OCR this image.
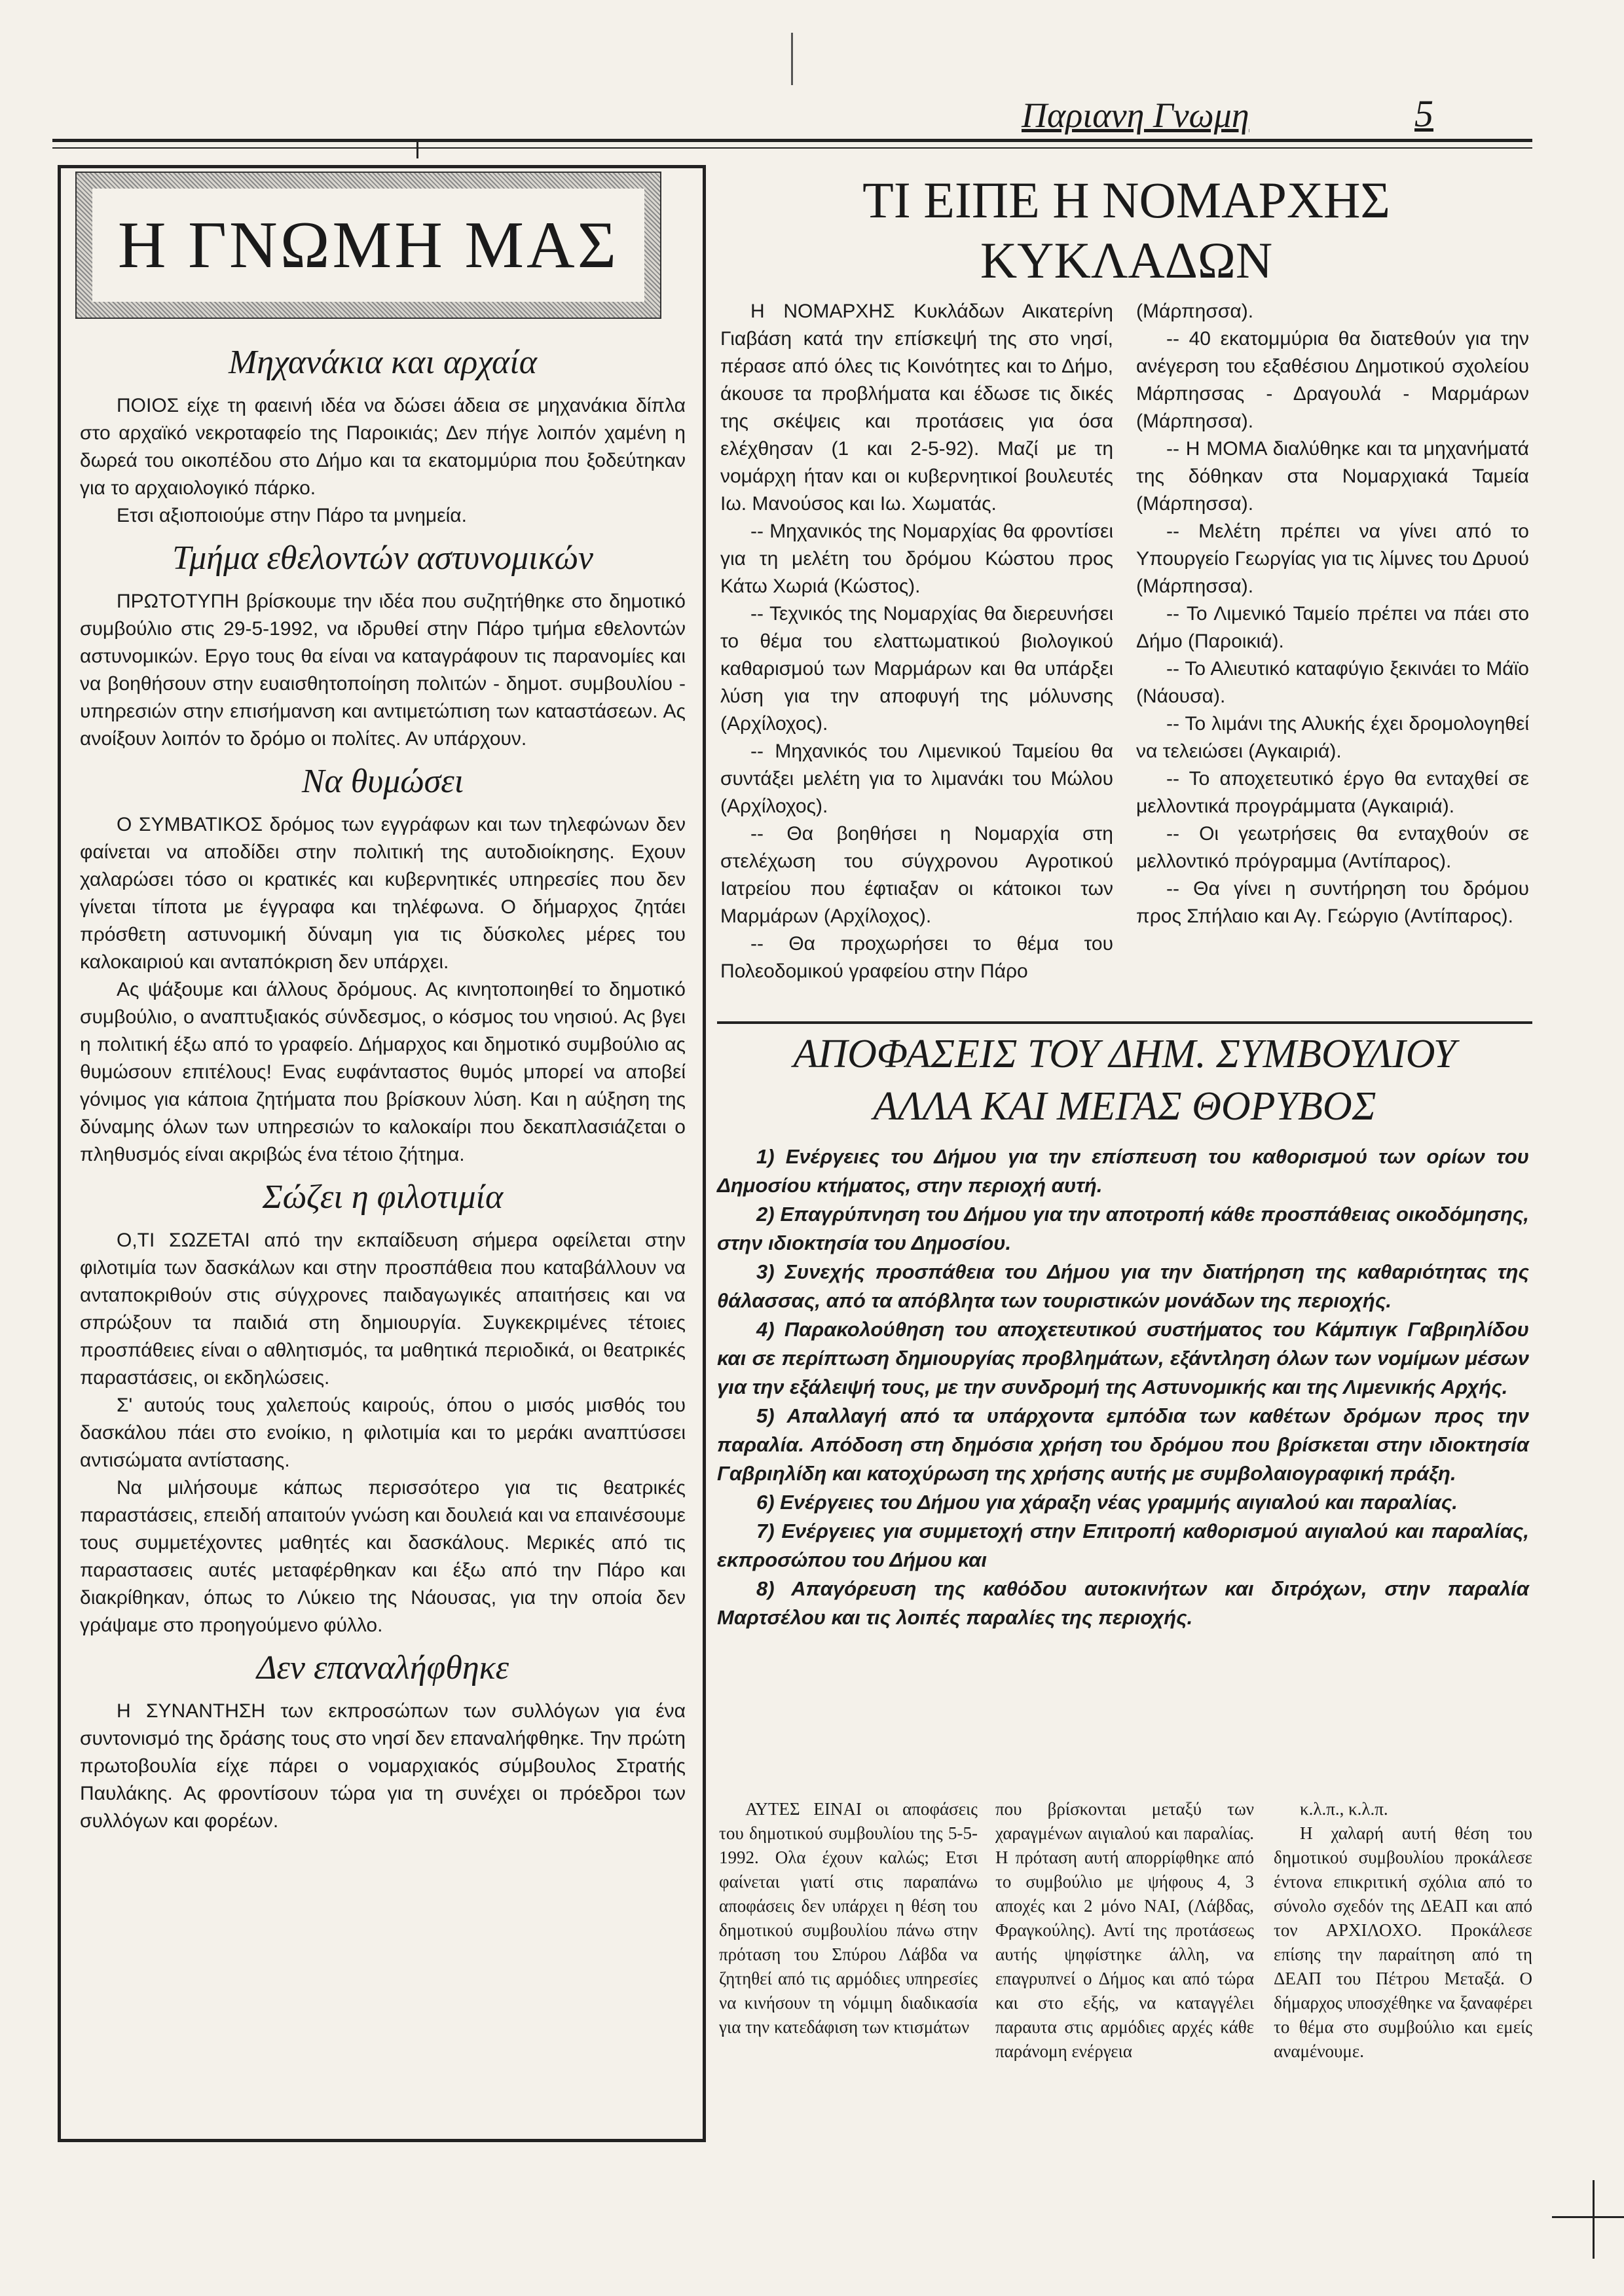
Παριανη Γνωμη	5
Η ΓΝΩΜΗ ΜΑΣ
Μηχανάκια και αρχαία

ΠΟΙΟΣ είχε τη φαεινή ιδέα να δώσει άδεια σε μηχανάκια δίπλα στο αρχαϊκό νεκροταφείο της Παροικιάς; Δεν πήγε λοιπόν χαμένη η δωρεά του οικοπέδου στο Δήμο και τα εκατομμύρια που ξοδεύτηκαν για το αρχαιολογικό πάρκο.

Ετσι αξιοποιούμε στην Πάρο τα μνημεία.

Τμήμα εθελοντών αστυνομικών

ΠΡΩΤΟΤΥΠΗ βρίσκουμε την ιδέα που συζητήθηκε στο δημοτικό συμβούλιο στις 29-5-1992, να ιδρυθεί στην Πάρο τμήμα εθελοντών αστυνομικών. Εργο τους θα είναι να καταγράφουν τις παρανομίες και να βοηθήσουν στην ευαισθητοποίηση πολιτών - δημοτ. συμβουλίου - υπηρεσιών στην επισήμανση και αντιμετώπιση των καταστάσεων. Ας ανοίξουν λοιπόν το δρόμο οι πολίτες. Αν υπάρχουν.

Να θυμώσει

Ο ΣΥΜΒΑΤΙΚΟΣ δρόμος των εγγράφων και των τηλεφώνων δεν φαίνεται να αποδίδει στην πολιτική της αυτοδιοίκησης. Εχουν χαλαρώσει τόσο οι κρατικές και κυβερνητικές υπηρεσίες που δεν γίνεται τίποτα με έγγραφα και τηλέφωνα. Ο δήμαρχος ζητάει πρόσθετη αστυνομική δύναμη για τις δύσκολες μέρες του καλοκαιριού και ανταπόκριση δεν υπάρχει.

Ας ψάξουμε και άλλους δρόμους. Ας κινητοποιηθεί το δημοτικό συμβούλιο, ο αναπτυξιακός σύνδεσμος, ο κόσμος του νησιού. Ας βγει η πολιτική έξω από το γραφείο. Δήμαρχος και δημοτικό συμβούλιο ας θυμώσουν επιτέλους! Ενας ευφάνταστος θυμός μπορεί να αποβεί γόνιμος για κάποια ζητήματα που βρίσκουν λύση. Και η αύξηση της δύναμης όλων των υπηρεσιών το καλοκαίρι που δεκαπλασιάζεται ο πληθυσμός είναι ακριβώς ένα τέτοιο ζήτημα.

Σώζει η φιλοτιμία

Ο,ΤΙ ΣΩΖΕΤΑΙ από την εκπαίδευση σήμερα οφείλεται στην φιλοτιμία των δασκάλων και στην προσπάθεια που καταβάλλουν να ανταποκριθούν στις σύγχρονες παιδαγωγικές απαιτήσεις και να σπρώξουν τα παιδιά στη δημιουργία. Συγκεκριμένες τέτοιες προσπάθειες είναι ο αθλητισμός, τα μαθητικά περιοδικά, οι θεατρικές παραστάσεις, οι εκδηλώσεις.

Σ' αυτούς τους χαλεπούς καιρούς, όπου ο μισός μισθός του δασκάλου πάει στο ενοίκιο, η φιλοτιμία και το μεράκι αναπτύσσει αντισώματα αντίστασης.

Να μιλήσουμε κάπως περισσότερο για τις θεατρικές παραστάσεις, επειδή απαιτούν γνώση και δουλειά και να επαινέσουμε τους συμμετέχοντες μαθητές και δασκάλους. Μερικές από τις παραστασεις αυτές μεταφέρθηκαν και έξω από την Πάρο και διακρίθηκαν, όπως το Λύκειο της Νάουσας, για την οποία δεν γράψαμε στο προηγούμενο φύλλο.

Δεν επαναλήφθηκε

Η ΣΥΝΑΝΤΗΣΗ των εκπροσώπων των συλλόγων για ένα συντονισμό της δράσης τους στο νησί δεν επαναλήφθηκε. Την πρώτη πρωτοβουλία είχε πάρει ο νομαρχιακός σύμβουλος Στρατής Παυλάκης. Ας φροντίσουν τώρα για τη συνέχει οι πρόεδροι των συλλόγων και φορέων.

ΤΙ ΕΙΠΕ Η ΝΟΜΑΡΧΗΣ ΚΥΚΛΑΔΩΝ

Η ΝΟΜΑΡΧΗΣ Κυκλάδων Αικατερίνη Γιαβάση κατά την επίσκεψή της στο νησί, πέρασε από όλες τις Κοινότητες και το Δήμο, άκουσε τα προβλήματα και έδωσε τις δικές της σκέψεις και προτάσεις για όσα ελέχθησαν (1 και 2-5-92). Μαζί με τη νομάρχη ήταν και οι κυβερνητικοί βουλευτές Ιω. Μανούσος και Ιω. Χωματάς.

-- Μηχανικός της Νομαρχίας θα φροντίσει για τη μελέτη του δρόμου Κώστου προς Κάτω Χωριά (Κώστος).

-- Τεχνικός της Νομαρχίας θα διερευνήσει το θέμα του ελαττωματικού βιολογικού καθαρισμού των Μαρμάρων και θα υπάρξει λύση για την αποφυγή της μόλυνσης (Αρχίλοχος).

-- Μηχανικός του Λιμενικού Ταμείου θα συντάξει μελέτη για το λιμανάκι του Μώλου (Αρχίλοχος).

-- Θα βοηθήσει η Νομαρχία στη στελέχωση του σύγχρονου Αγροτικού Ιατρείου που έφτιαξαν οι κάτοικοι των Μαρμάρων (Αρχίλοχος).

-- Θα προχωρήσει το θέμα του Πολεοδομικού γραφείου στην Πάρο

(Μάρπησσα).

-- 40 εκατομμύρια θα διατεθούν για την ανέγερση του εξαθέσιου Δημοτικού σχολείου Μάρπησσας - Δραγουλά - Μαρμάρων (Μάρπησσα).

-- Η ΜΟΜΑ διαλύθηκε και τα μηχανήματά της δόθηκαν στα Νομαρχιακά Ταμεία (Μάρπησσα).

-- Μελέτη πρέπει να γίνει από το Υπουργείο Γεωργίας για τις λίμνες του Δρυού (Μάρπησσα).

-- Το Λιμενικό Ταμείο πρέπει να πάει στο Δήμο (Παροικιά).

-- Το Αλιευτικό καταφύγιο ξεκινάει το Μάϊο (Νάουσα).

-- Το λιμάνι της Αλυκής έχει δρομολογηθεί να τελειώσει (Αγκαιριά).

-- Το αποχετευτικό έργο θα ενταχθεί σε μελλοντικά προγράμματα (Αγκαιριά).

-- Οι γεωτρήσεις θα ενταχθούν σε μελλοντικό πρόγραμμα (Αντίπαρος).

-- Θα γίνει η συντήρηση του δρόμου προς Σπήλαιο και Αγ. Γεώργιο (Αντίπαρος).

ΑΠΟΦΑΣΕΙΣ ΤΟΥ ΔΗΜ. ΣΥΜΒΟΥΛΙΟΥ
ΑΛΛΑ ΚΑΙ ΜΕΓΑΣ ΘΟΡΥΒΟΣ

1) Ενέργειες του Δήμου για την επίσπευση του καθορισμού των ορίων του Δημοσίου κτήματος, στην περιοχή αυτή.

2) Επαγρύπνηση του Δήμου για την αποτροπή κάθε προσπάθειας οικοδόμησης, στην ιδιοκτησία του Δημοσίου.

3) Συνεχής προσπάθεια του Δήμου για την διατήρηση της καθαριότητας της θάλασσας, από τα απόβλητα των τουριστικών μονάδων της περιοχής.

4) Παρακολούθηση του αποχετευτικού συστήματος του Κάμπιγκ Γαβριηλίδου και σε περίπτωση δημιουργίας προβλημάτων, εξάντληση όλων των νομίμων μέσων για την εξάλειψή τους, με την συνδρομή της Αστυνομικής και της Λιμενικής Αρχής.

5) Απαλλαγή από τα υπάρχοντα εμπόδια των καθέτων δρόμων προς την παραλία. Απόδοση στη δημόσια χρήση του δρόμου που βρίσκεται στην ιδιοκτησία Γαβριηλίδη και κατοχύρωση της χρήσης αυτής με συμβολαιογραφική πράξη.

6) Ενέργειες του Δήμου για χάραξη νέας γραμμής αιγιαλού και παραλίας.

7) Ενέργειες για συμμετοχή στην Επιτροπή καθορισμού αιγιαλού και παραλίας, εκπροσώπου του Δήμου και

8) Απαγόρευση της καθόδου αυτοκινήτων και διτρόχων, στην παραλία Μαρτσέλου και τις λοιπές παραλίες της περιοχής.

ΑΥΤΕΣ ΕΙΝΑΙ οι αποφάσεις του δημοτικού συμβουλίου της 5-5-1992. Ολα έχουν καλώς; Ετσι φαίνεται γιατί στις παραπάνω αποφάσεις δεν υπάρχει η θέση του δημοτικού συμβουλίου πάνω στην πρόταση του Σπύρου Λάβδα να ζητηθεί από τις αρμόδιες υπηρεσίες να κινήσουν τη νόμιμη διαδικασία για την κατεδάφιση των κτισμάτων

που βρίσκονται μεταξύ των χαραγμένων αιγιαλού και παραλίας. Η πρόταση αυτή απορρίφθηκε από το συμβούλιο με ψήφους 4, 3 αποχές και 2 μόνο ΝΑΙ, (Λάβδας, Φραγκούλης). Αντί της προτάσεως αυτής ψηφίστηκε άλλη, να επαγρυπνεί ο Δήμος και από τώρα και στο εξής, να καταγγέλει παραυτα στις αρμόδιες αρχές κάθε παράνομη ενέργεια

κ.λ.π., κ.λ.π.

Η χαλαρή αυτή θέση του δημοτικού συμβουλίου προκάλεσε έντονα επικριτική σχόλια από το σύνολο σχεδόν της ΔΕΑΠ και από τον ΑΡΧΙΛΟΧΟ. Προκάλεσε επίσης την παραίτηση από τη ΔΕΑΠ του Πέτρου Μεταξά. Ο δήμαρχος υποσχέθηκε να ξαναφέρει το θέμα στο συμβούλιο και εμείς αναμένουμε.
